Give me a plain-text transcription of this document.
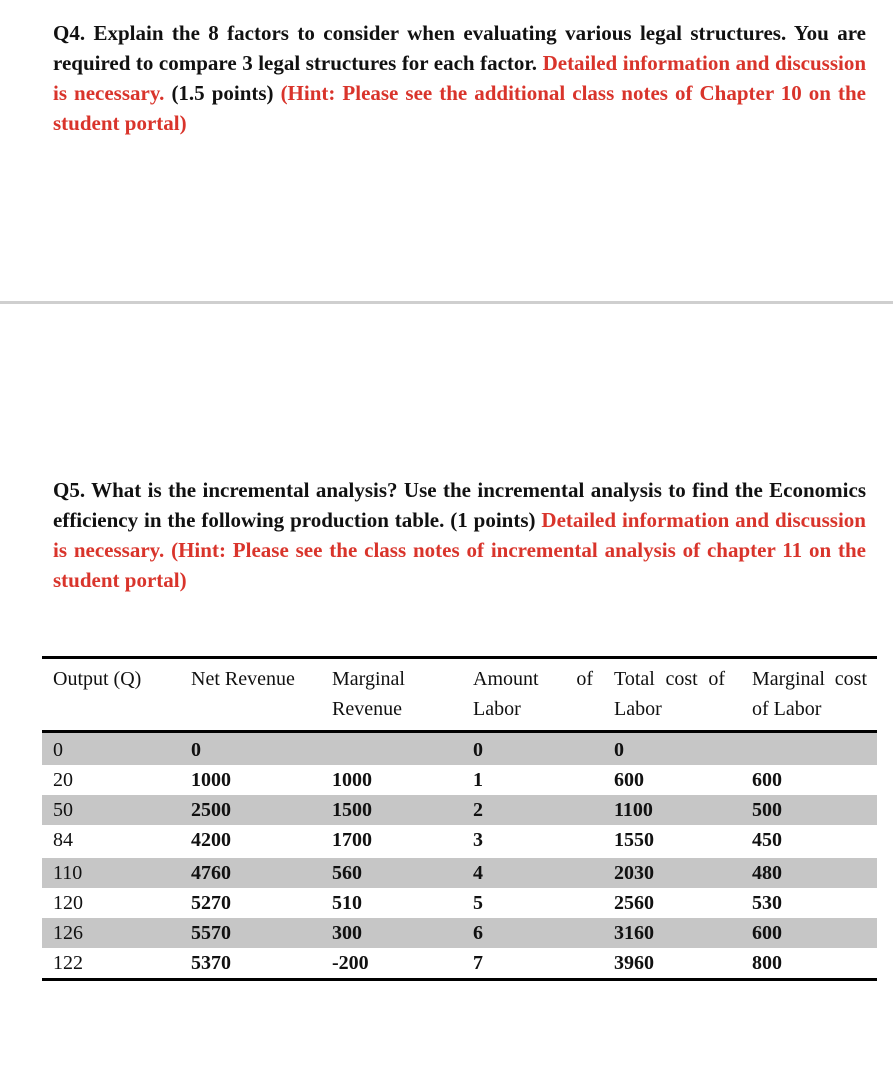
Q4. Explain the 8 factors to consider when evaluating various legal structures. You are required to compare 3 legal structures for each factor. Detailed information and discussion is necessary. (1.5 points) (Hint: Please see the additional class notes of Chapter 10 on the student portal)
Q5. What is the incremental analysis? Use the incremental analysis to find the Economics efficiency in the following production table. (1 points) Detailed information and discussion is necessary. (Hint: Please see the class notes of incremental analysis of chapter 11 on the student portal)
Output (Q)	Net Revenue	Marginal Revenue	Amount of Labor	Total cost of Labor	Marginal cost of Labor
0	0		0	0	
20	1000	1000	1	600	600
50	2500	1500	2	1100	500
84	4200	1700	3	1550	450
110	4760	560	4	2030	480
120	5270	510	5	2560	530
126	5570	300	6	3160	600
122	5370	-200	7	3960	800
